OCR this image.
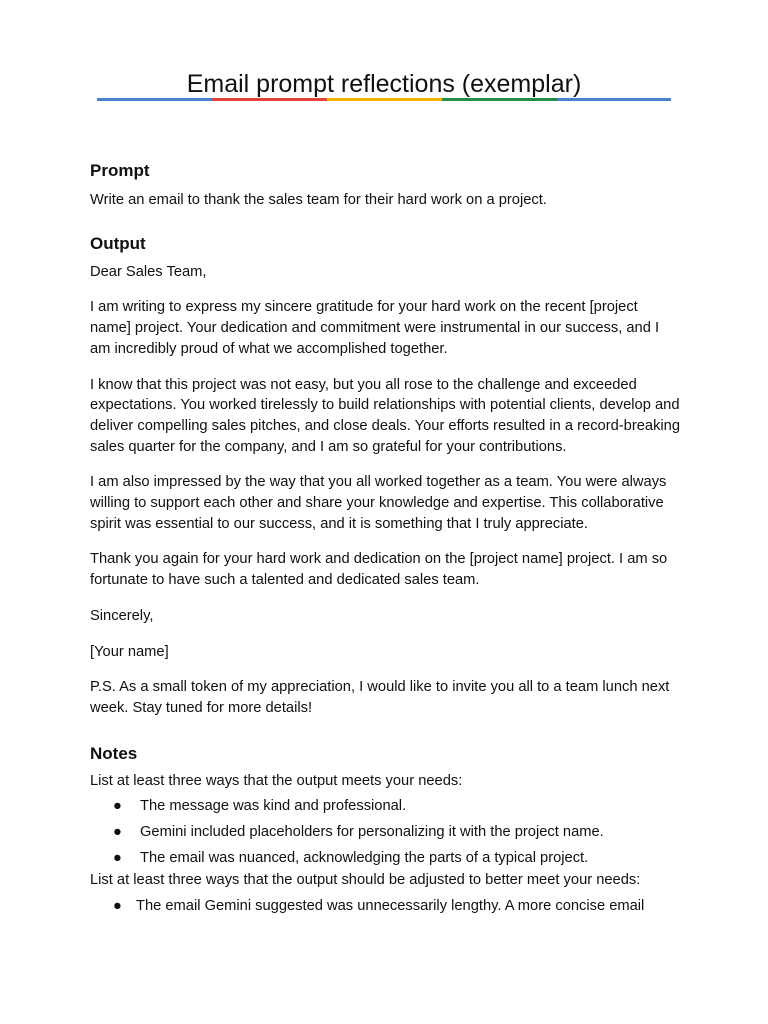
Email prompt reflections (exemplar)
Prompt

Write an email to thank the sales team for their hard work on a project.

Output

Dear Sales Team,

I am writing to express my sincere gratitude for your hard work on the recent [project name] project. Your dedication and commitment were instrumental in our success, and I am incredibly proud of what we accomplished together.

I know that this project was not easy, but you all rose to the challenge and exceeded expectations. You worked tirelessly to build relationships with potential clients, develop and deliver compelling sales pitches, and close deals. Your efforts resulted in a record-breaking sales quarter for the company, and I am so grateful for your contributions.

I am also impressed by the way that you all worked together as a team. You were always willing to support each other and share your knowledge and expertise. This collaborative spirit was essential to our success, and it is something that I truly appreciate.

Thank you again for your hard work and dedication on the [project name] project. I am so fortunate to have such a talented and dedicated sales team.

Sincerely,

[Your name]

P.S. As a small token of my appreciation, I would like to invite you all to a team lunch next week. Stay tuned for more details!

Notes

List at least three ways that the output meets your needs:

● The message was kind and professional.
● Gemini included placeholders for personalizing it with the project name.
● The email was nuanced, acknowledging the parts of a typical project.

List at least three ways that the output should be adjusted to better meet your needs:

● The email Gemini suggested was unnecessarily lengthy. A more concise email
